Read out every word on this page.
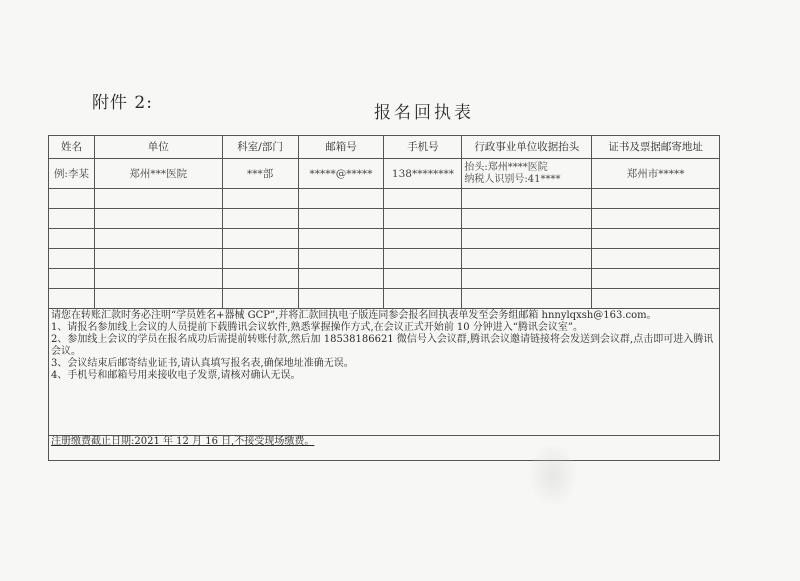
附件 2:	报名回执表
姓名	单位	科室/部门	邮箱号	手机号	行政事业单位收据抬头	证书及票据邮寄地址
例:李某	郑州***医院	***部	*****@*****	138********	抬头:郑州****医院
纳税人识别号:41****	郑州市*****

请您在转账汇款时务必注明“学员姓名+器械 GCP”,并将汇款回执电子版连同参会报名回执表单发至会务组邮箱 hnnylqxsh@163.com。

1、请报名参加线上会议的人员提前下载腾讯会议软件,熟悉掌握操作方式,在会议正式开始前 10 分钟进入“腾讯会议室”。

2、参加线上会议的学员在报名成功后需提前转账付款,然后加 18538186621 微信号入会议群,腾讯会议邀请链接将会发送到会议群,点击即可进入腾讯会议。

3、会议结束后邮寄结业证书,请认真填写报名表,确保地址准确无误。

4、手机号和邮箱号用来接收电子发票,请核对确认无误。						

注册缴费截止日期:2021 年 12 月 16 日,不接受现场缴费。						
